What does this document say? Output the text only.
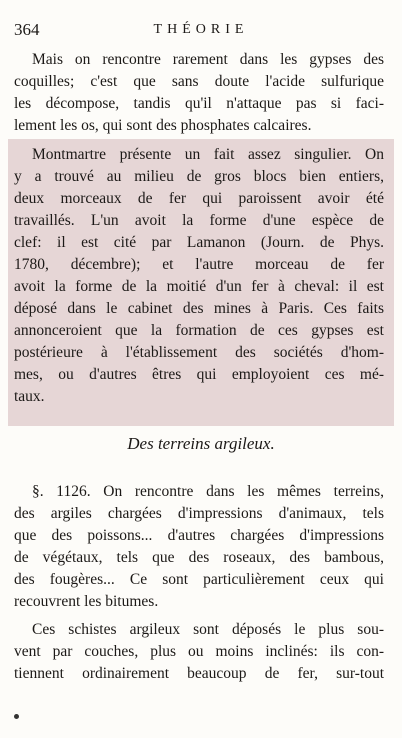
364	THÉORIE
Mais on rencontre rarement dans les gypses des
coquilles; c'est que sans doute l'acide sulfurique
les décompose, tandis qu'il n'attaque pas si faci-
lement les os, qui sont des phosphates calcaires.
Montmartre présente un fait assez singulier. On
y a trouvé au milieu de gros blocs bien entiers,
deux morceaux de fer qui paroissent avoir été
travaillés. L'un avoit la forme d'une espèce de
clef: il est cité par Lamanon (Journ. de Phys.
1780, décembre); et l'autre morceau de fer
avoit la forme de la moitié d'un fer à cheval: il est
déposé dans le cabinet des mines à Paris. Ces faits
annonceroient que la formation de ces gypses est
postérieure à l'établissement des sociétés d'hom-
mes, ou d'autres êtres qui employoient ces mé-
taux.
Des terreins argileux.
§. 1126. On rencontre dans les mêmes terreins,
des argiles chargées d'impressions d'animaux, tels
que des poissons... d'autres chargées d'impressions
de végétaux, tels que des roseaux, des bambous,
des fougères... Ce sont particulièrement ceux qui
recouvrent les bitumes.
Ces schistes argileux sont déposés le plus sou-
vent par couches, plus ou moins inclinés: ils con-
tiennent ordinairement beaucoup de fer, sur-tout
